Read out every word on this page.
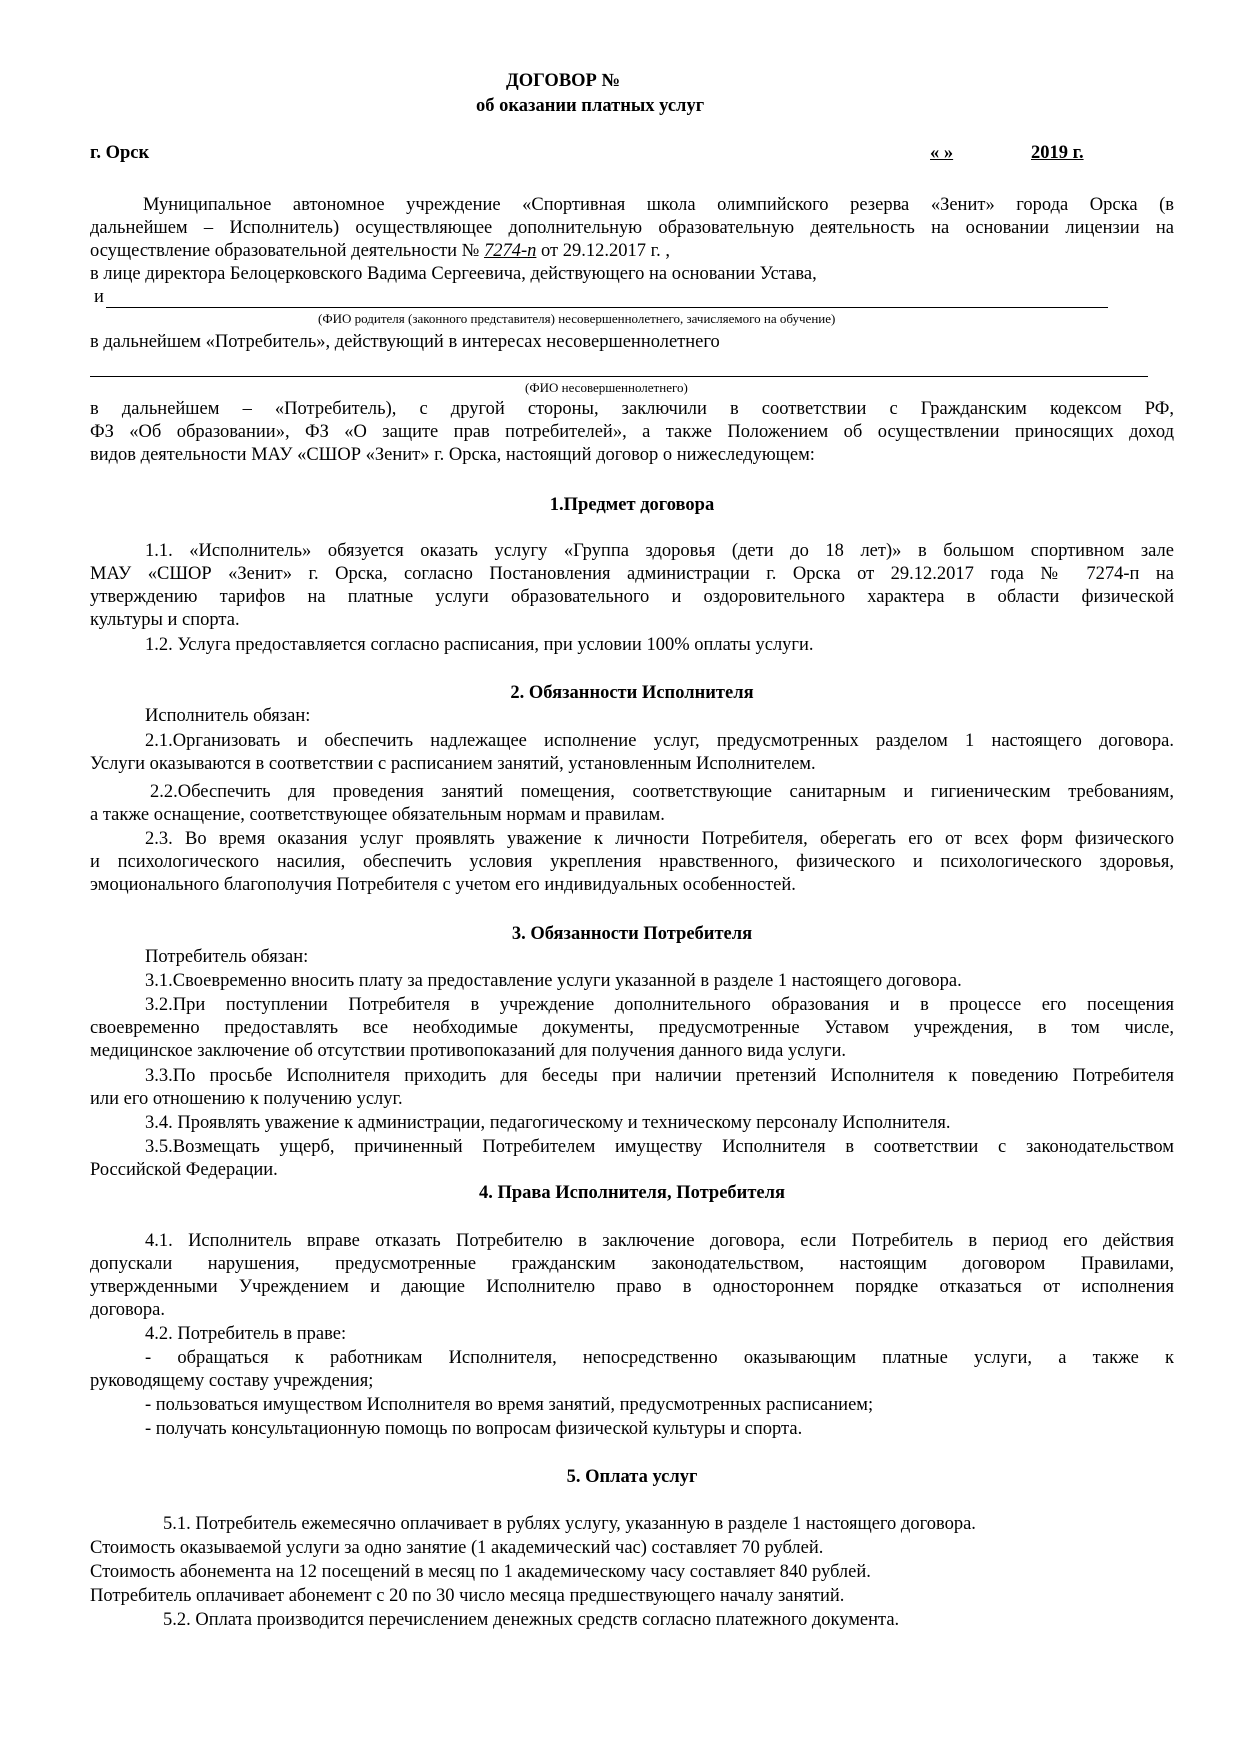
ДОГОВОР №
об оказании платных услуг
г. Орск	« »	2019 г.
Муниципальное автономное учреждение «Спортивная школа олимпийского резерва «Зенит» города Орска (в
дальнейшем – Исполнитель) осуществляющее дополнительную образовательную деятельность на основании лицензии на
осуществление образовательной деятельности № 7274-п от 29.12.2017 г. ,
в лице директора Белоцерковского Вадима Сергеевича, действующего на основании Устава,
и
(ФИО родителя (законного представителя) несовершеннолетнего, зачисляемого на обучение)
в дальнейшем «Потребитель», действующий в интересах несовершеннолетнего
(ФИО несовершеннолетнего)
в дальнейшем – «Потребитель), с другой стороны, заключили в соответствии с Гражданским кодексом РФ,
ФЗ «Об образовании», ФЗ «О защите прав потребителей», а также Положением об осуществлении приносящих доход
видов деятельности МАУ «СШОР «Зенит» г. Орска, настоящий договор о нижеследующем:
1.Предмет договора
1.1. «Исполнитель» обязуется оказать услугу «Группа здоровья (дети до 18 лет)» в большом спортивном зале
МАУ «СШОР «Зенит» г. Орска, согласно Постановления администрации г. Орска от 29.12.2017 года № 7274-п на
утверждению тарифов на платные услуги образовательного и оздоровительного характера в области физической
культуры и спорта.
1.2. Услуга предоставляется согласно расписания, при условии 100% оплаты услуги.
2. Обязанности Исполнителя
Исполнитель обязан:
2.1.Организовать и обеспечить надлежащее исполнение услуг, предусмотренных разделом 1 настоящего договора.
Услуги оказываются в соответствии с расписанием занятий, установленным Исполнителем.
2.2.Обеспечить для проведения занятий помещения, соответствующие санитарным и гигиеническим требованиям,
а также оснащение, соответствующее обязательным нормам и правилам.
2.3. Во время оказания услуг проявлять уважение к личности Потребителя, оберегать его от всех форм физического
и психологического насилия, обеспечить условия укрепления нравственного, физического и психологического здоровья,
эмоционального благополучия Потребителя с учетом его индивидуальных особенностей.
3. Обязанности Потребителя
Потребитель обязан:
3.1.Своевременно вносить плату за предоставление услуги указанной в разделе 1 настоящего договора.
3.2.При поступлении Потребителя в учреждение дополнительного образования и в процессе его посещения
своевременно предоставлять все необходимые документы, предусмотренные Уставом учреждения, в том числе,
медицинское заключение об отсутствии противопоказаний для получения данного вида услуги.
3.3.По просьбе Исполнителя приходить для беседы при наличии претензий Исполнителя к поведению Потребителя
или его отношению к получению услуг.
3.4. Проявлять уважение к администрации, педагогическому и техническому персоналу Исполнителя.
3.5.Возмещать ущерб, причиненный Потребителем имуществу Исполнителя в соответствии с законодательством
Российской Федерации.
4. Права Исполнителя, Потребителя
4.1. Исполнитель вправе отказать Потребителю в заключение договора, если Потребитель в период его действия
допускали нарушения, предусмотренные гражданским законодательством, настоящим договором Правилами,
утвержденными Учреждением и дающие Исполнителю право в одностороннем порядке отказаться от исполнения
договора.
4.2. Потребитель в праве:
- обращаться к работникам Исполнителя, непосредственно оказывающим платные услуги, а также к
руководящему составу учреждения;
- пользоваться имуществом Исполнителя во время занятий, предусмотренных расписанием;
- получать консультационную помощь по вопросам физической культуры и спорта.
5. Оплата услуг
5.1. Потребитель ежемесячно оплачивает в рублях услугу, указанную в разделе 1 настоящего договора.
Стоимость оказываемой услуги за одно занятие (1 академический час) составляет 70 рублей.
Стоимость абонемента на 12 посещений в месяц по 1 академическому часу составляет 840 рублей.
Потребитель оплачивает абонемент с 20 по 30 число месяца предшествующего началу занятий.
5.2. Оплата производится перечислением денежных средств согласно платежного документа.
